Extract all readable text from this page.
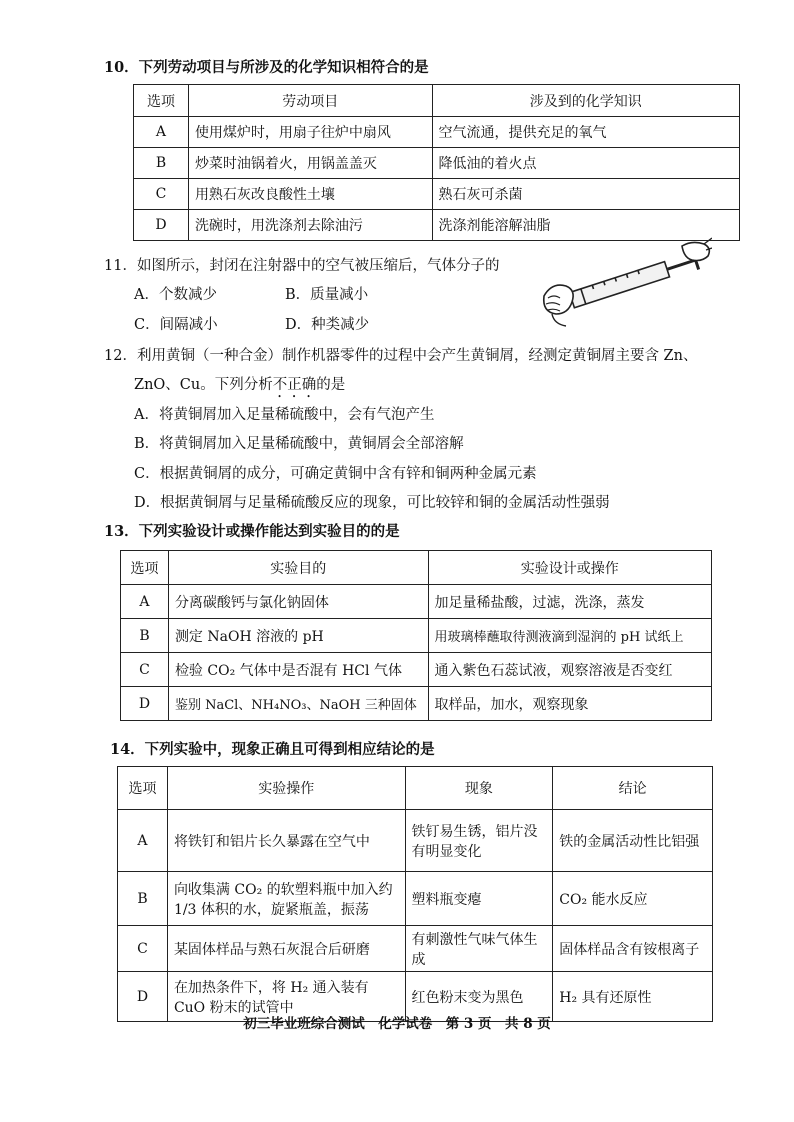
10．下列劳动项目与所涉及的化学知识相符合的是
选项	劳动项目	涉及到的化学知识
A	使用煤炉时，用扇子往炉中扇风	空气流通，提供充足的氧气
B	炒菜时油锅着火，用锅盖盖灭	降低油的着火点
C	用熟石灰改良酸性土壤	熟石灰可杀菌
D	洗碗时，用洗涤剂去除油污	洗涤剂能溶解油脂
11．如图所示，封闭在注射器中的空气被压缩后，气体分子的
A．个数减少	B．质量减小
C．间隔减小	D．种类减少
12．利用黄铜（一种合金）制作机器零件的过程中会产生黄铜屑，经测定黄铜屑主要含 Zn、
ZnO、Cu。下列分析不正确的是
A．将黄铜屑加入足量稀硫酸中，会有气泡产生
B．将黄铜屑加入足量稀硫酸中，黄铜屑会全部溶解
C．根据黄铜屑的成分，可确定黄铜中含有锌和铜两种金属元素
D．根据黄铜屑与足量稀硫酸反应的现象，可比较锌和铜的金属活动性强弱
13．下列实验设计或操作能达到实验目的的是
选项	实验目的	实验设计或操作
A	分离碳酸钙与氯化钠固体	加足量稀盐酸，过滤，洗涤，蒸发
B	测定 NaOH 溶液的 pH	用玻璃棒蘸取待测液滴到湿润的 pH 试纸上
C	检验 CO₂ 气体中是否混有 HCl 气体	通入紫色石蕊试液，观察溶液是否变红
D	鉴别 NaCl、NH₄NO₃、NaOH 三种固体	取样品，加水，观察现象
14．下列实验中，现象正确且可得到相应结论的是
选项	实验操作	现象	结论
A	将铁钉和铝片长久暴露在空气中	铁钉易生锈，铝片没有明显变化	铁的金属活动性比铝强
B	向收集满 CO₂ 的软塑料瓶中加入约 1/3 体积的水，旋紧瓶盖，振荡	塑料瓶变瘪	CO₂ 能水反应
C	某固体样品与熟石灰混合后研磨	有刺激性气味气体生成	固体样品含有铵根离子
D	在加热条件下，将 H₂ 通入装有 CuO 粉末的试管中	红色粉末变为黑色	H₂ 具有还原性
初三毕业班综合测试　化学试卷　第 3 页　共 8 页
